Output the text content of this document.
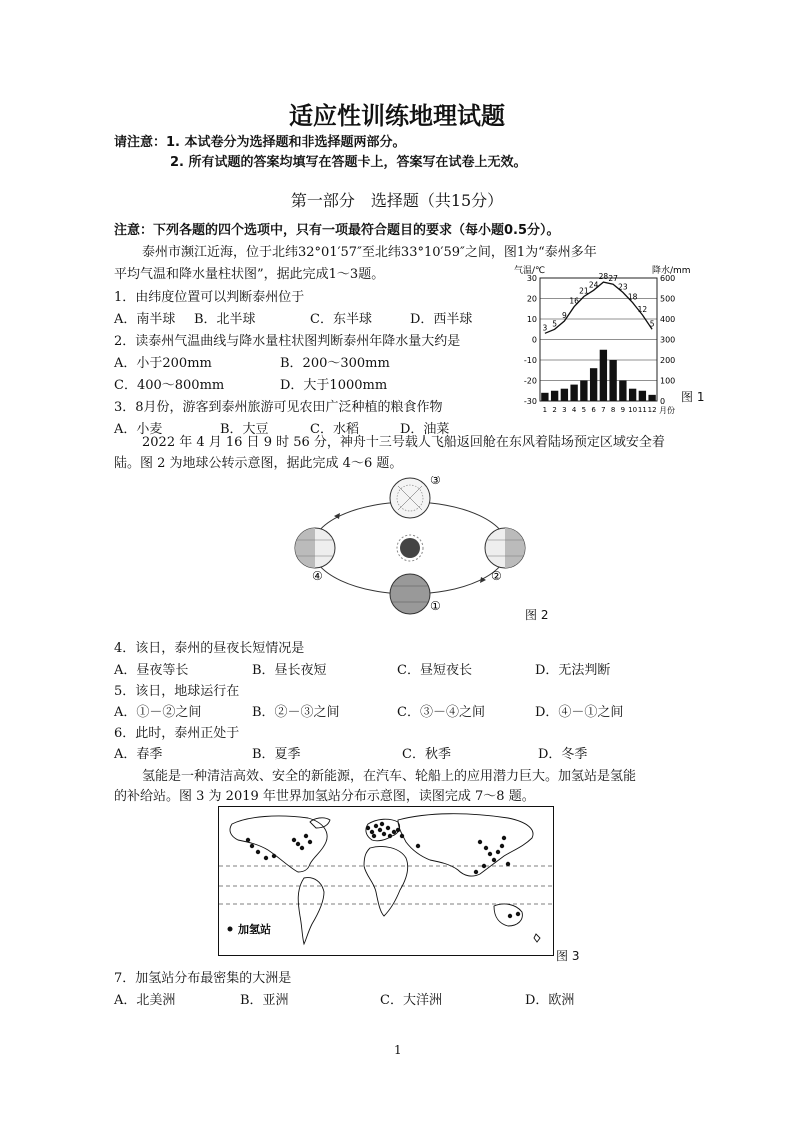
适应性训练地理试题
请注意：1. 本试卷分为选择题和非选择题两部分。
2. 所有试题的答案均填写在答题卡上，答案写在试卷上无效。
第一部分　选择题（共15分）
注意：下列各题的四个选项中，只有一项最符合题目的要求（每小题0.5分）。
泰州市濒江近海，位于北纬32°01′57″至北纬33°10′59″之间，图1为“泰州多年
平均气温和降水量柱状图”，据此完成1～3题。
1．由纬度位置可以判断泰州位于
A．南半球 B．北半球	C．东半球	D．西半球
2．读泰州气温曲线与降水量柱状图判断泰州年降水量大约是
A．小于200mm	B．200～300mm
C．400～800mm	D．大于1000mm
3．8月份，游客到泰州旅游可见农田广泛种植的粮食作物
A．小麦	B．大豆	C．水稻	D．油菜
气温/℃	降水/mm
30
20
10
0
-10
-20
-30
600
500
400
300
200
100
0
3 5
9
16
21
24
28 27
23
18
12
5
1 2 3 4 5 6 7 8 9 10 11 12 月份
图 1
2022 年 4 月 16 日 9 时 56 分，神舟十三号载人飞船返回舱在东风着陆场预定区域安全着
陆。图 2 为地球公转示意图，据此完成 4～6 题。
③
②
①
④
图 2
4．该日，泰州的昼夜长短情况是
A．昼夜等长	B．昼长夜短	C．昼短夜长	D．无法判断
5．该日，地球运行在
A．①－②之间	B．②－③之间	C．③－④之间	D．④－①之间
6．此时，泰州正处于
A．春季	B．夏季	C．秋季	D．冬季
氢能是一种清洁高效、安全的新能源，在汽车、轮船上的应用潜力巨大。加氢站是氢能
的补给站。图 3 为 2019 年世界加氢站分布示意图，读图完成 7～8 题。
加氢站
图 3
7．加氢站分布最密集的大洲是
A．北美洲	B．亚洲	C．大洋洲	D．欧洲
1
